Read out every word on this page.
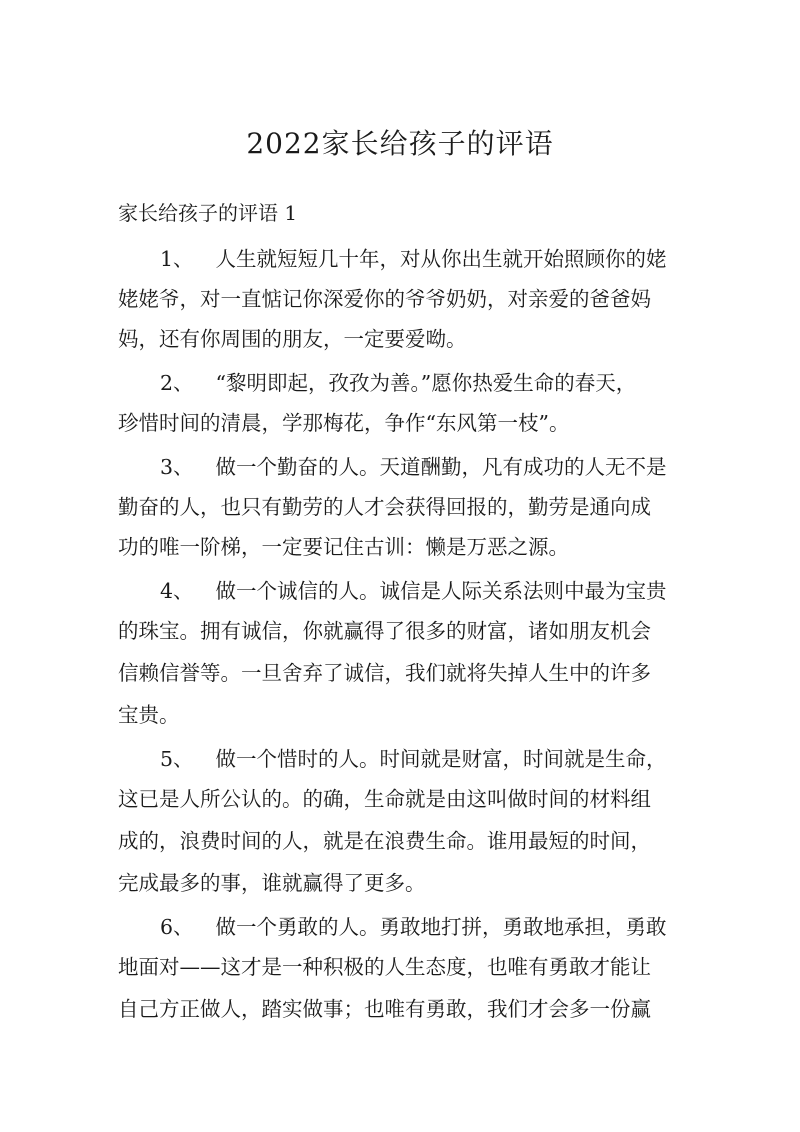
2022家长给孩子的评语
家长给孩子的评语 1
1、 人生就短短几十年，对从你出生就开始照顾你的姥
姥姥爷，对一直惦记你深爱你的爷爷奶奶，对亲爱的爸爸妈
妈，还有你周围的朋友，一定要爱呦。
2、 “黎明即起，孜孜为善。”愿你热爱生命的春天，
珍惜时间的清晨，学那梅花，争作“东风第一枝”。
3、 做一个勤奋的人。天道酬勤，凡有成功的人无不是
勤奋的人，也只有勤劳的人才会获得回报的，勤劳是通向成
功的唯一阶梯，一定要记住古训：懒是万恶之源。
4、 做一个诚信的人。诚信是人际关系法则中最为宝贵
的珠宝。拥有诚信，你就赢得了很多的财富，诸如朋友机会
信赖信誉等。一旦舍弃了诚信，我们就将失掉人生中的许多
宝贵。
5、 做一个惜时的人。时间就是财富，时间就是生命，
这已是人所公认的。的确，生命就是由这叫做时间的材料组
成的，浪费时间的人，就是在浪费生命。谁用最短的时间，
完成最多的事，谁就赢得了更多。
6、 做一个勇敢的人。勇敢地打拼，勇敢地承担，勇敢
地面对——这才是一种积极的人生态度，也唯有勇敢才能让
自己方正做人，踏实做事；也唯有勇敢，我们才会多一份赢
